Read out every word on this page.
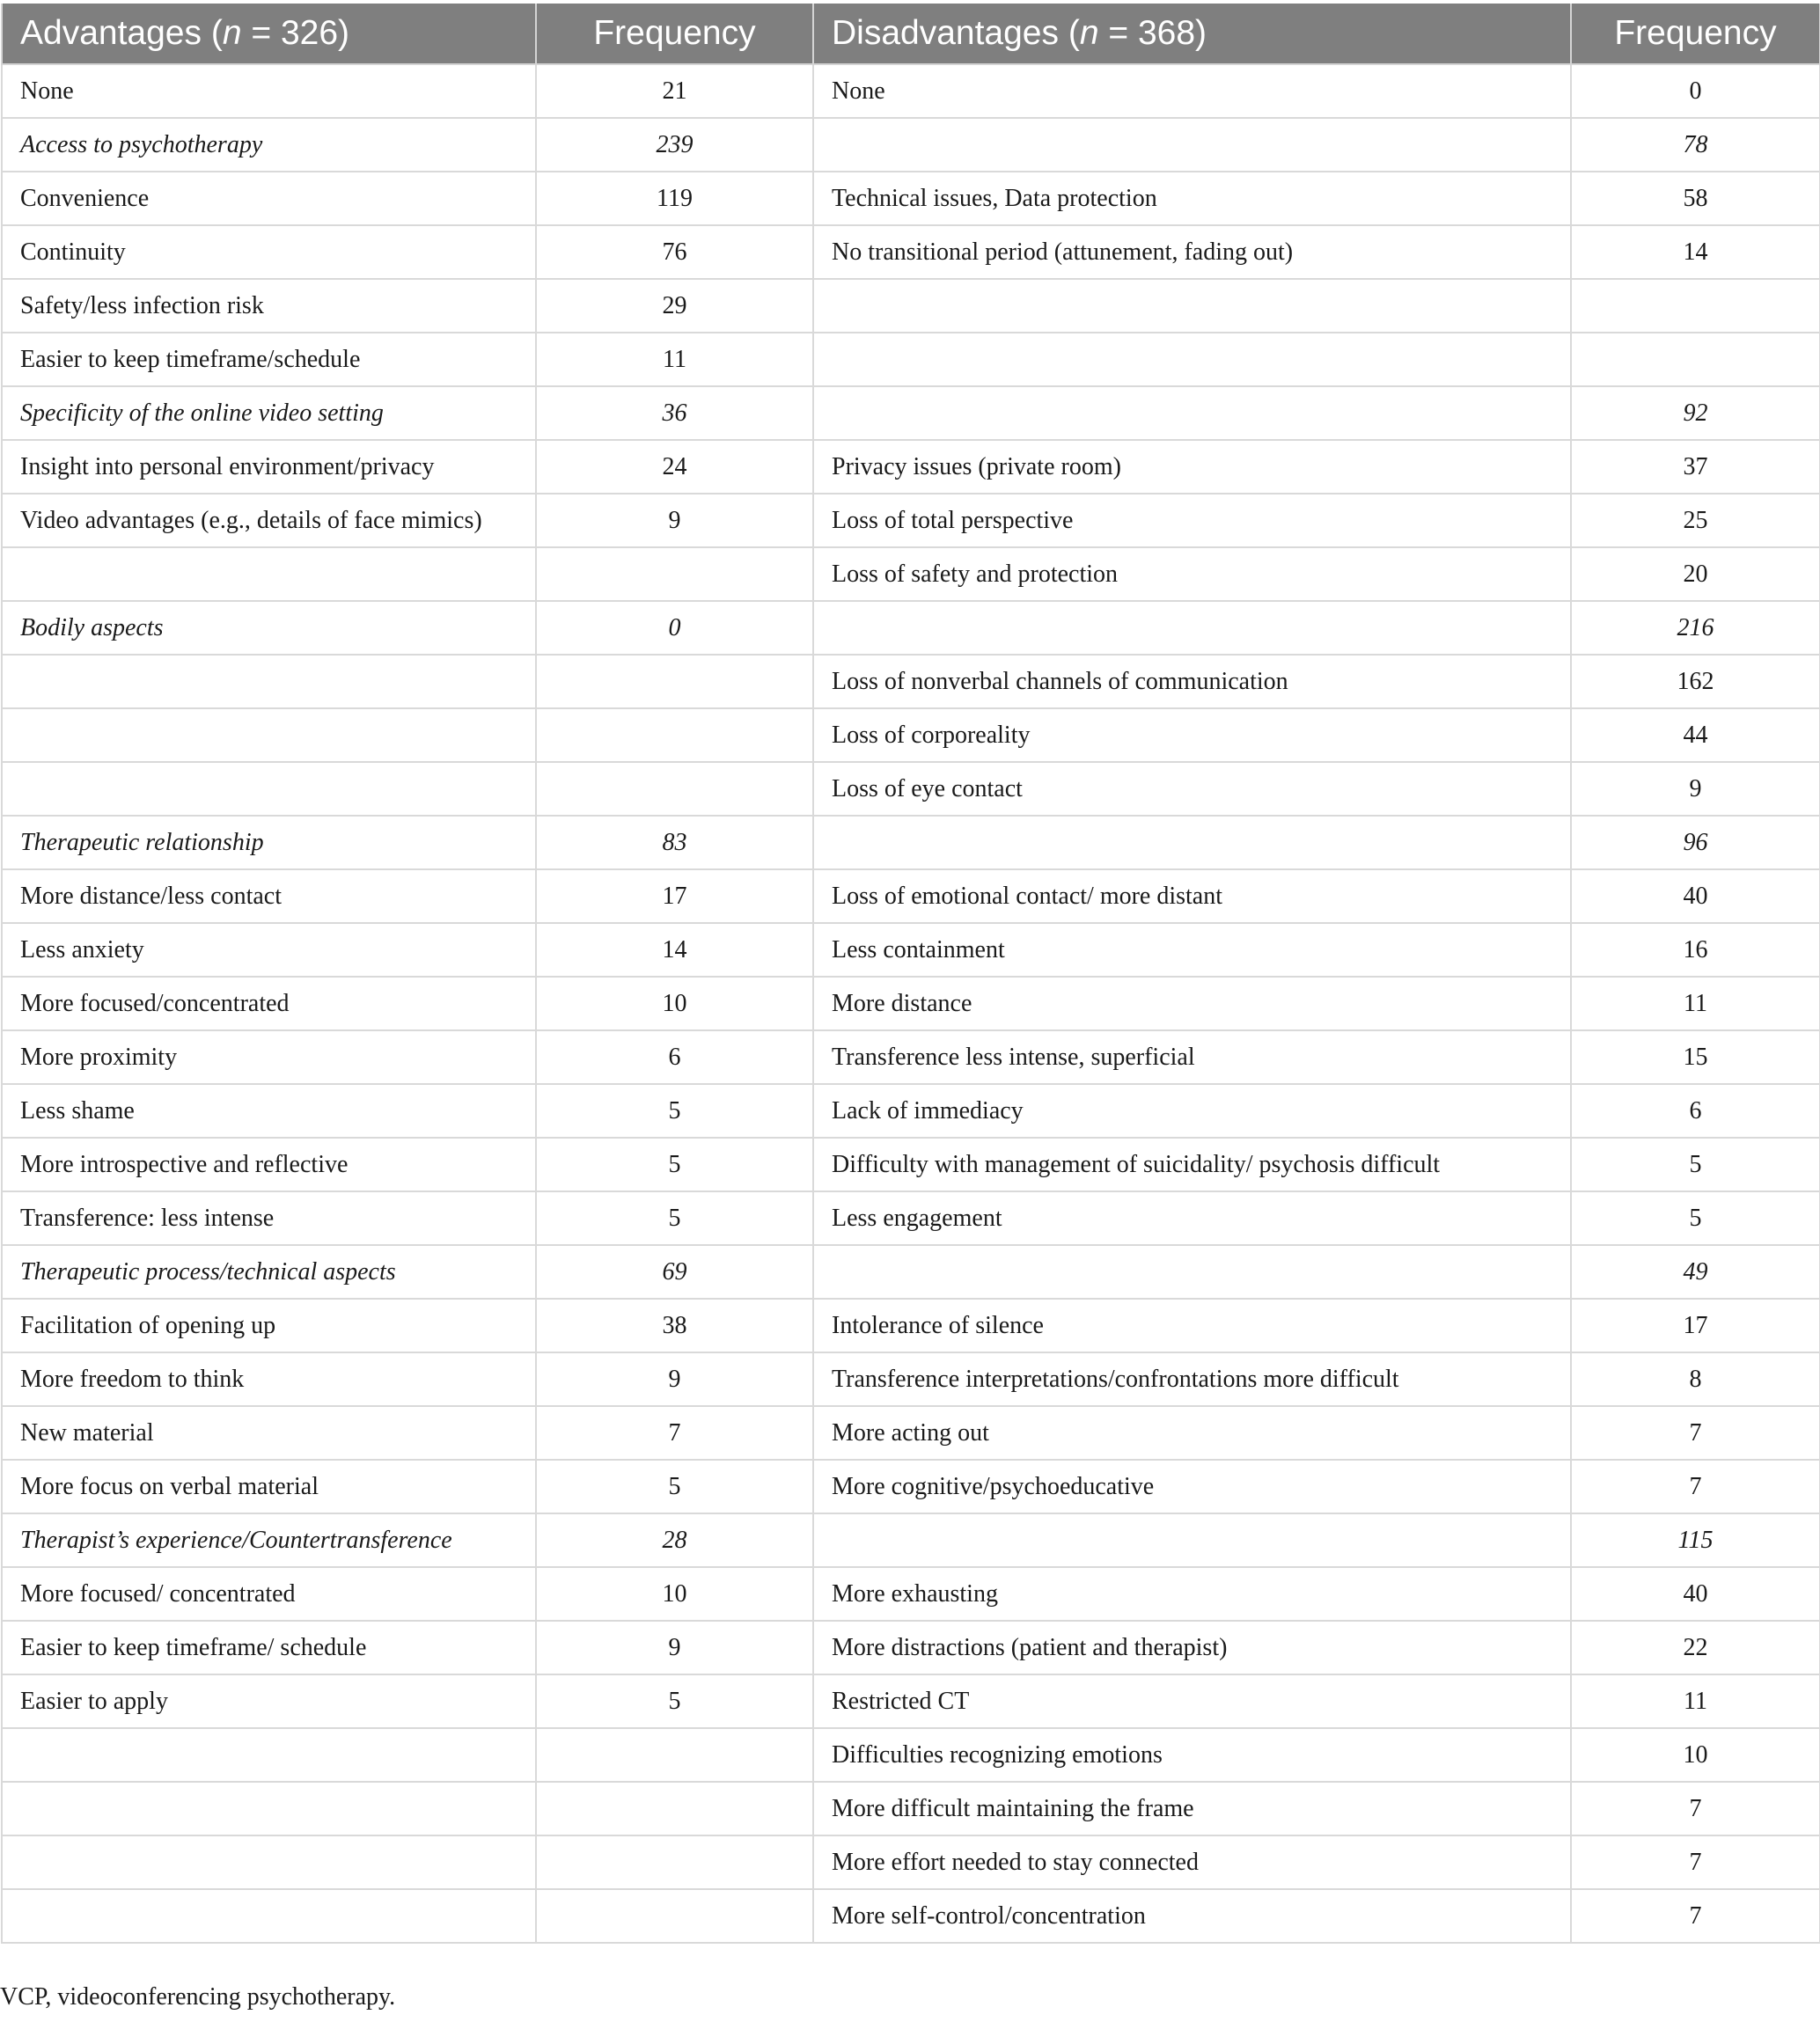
Advantages (n = 326)	Frequency	Disadvantages (n = 368)	Frequency
None	21	None	0
Access to psychotherapy	239		78
Convenience	119	Technical issues, Data protection	58
Continuity	76	No transitional period (attunement, fading out)	14
Safety/less infection risk	29		
Easier to keep timeframe/schedule	11		
Specificity of the online video setting	36		92
Insight into personal environment/privacy	24	Privacy issues (private room)	37
Video advantages (e.g., details of face mimics)	9	Loss of total perspective	25
		Loss of safety and protection	20
Bodily aspects	0		216
		Loss of nonverbal channels of communication	162
		Loss of corporeality	44
		Loss of eye contact	9
Therapeutic relationship	83		96
More distance/less contact	17	Loss of emotional contact/ more distant	40
Less anxiety	14	Less containment	16
More focused/concentrated	10	More distance	11
More proximity	6	Transference less intense, superficial	15
Less shame	5	Lack of immediacy	6
More introspective and reflective	5	Difficulty with management of suicidality/ psychosis difficult	5
Transference: less intense	5	Less engagement	5
Therapeutic process/technical aspects	69		49
Facilitation of opening up	38	Intolerance of silence	17
More freedom to think	9	Transference interpretations/confrontations more difficult	8
New material	7	More acting out	7
More focus on verbal material	5	More cognitive/psychoeducative	7
Therapist’s experience/Countertransference	28		115
More focused/ concentrated	10	More exhausting	40
Easier to keep timeframe/ schedule	9	More distractions (patient and therapist)	22
Easier to apply	5	Restricted CT	11
		Difficulties recognizing emotions	10
		More difficult maintaining the frame	7
		More effort needed to stay connected	7
		More self-control/concentration	7
VCP, videoconferencing psychotherapy.
